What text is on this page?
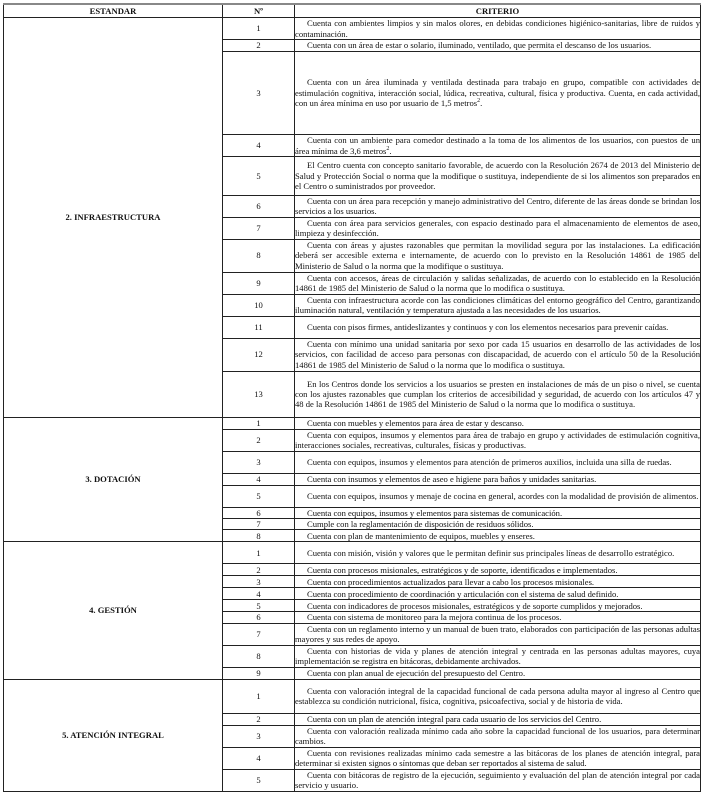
ESTANDAR	Nº	CRITERIO
2. INFRAESTRUCTURA	1	Cuenta con ambientes limpios y sin malos olores, en debidas condiciones higiénico-sanitarias, libre de ruidos y contaminación.
	2	Cuenta con un área de estar o solario, iluminado, ventilado, que permita el descanso de los usuarios.
	3	Cuenta con un área iluminada y ventilada destinada para trabajo en grupo, compatible con actividades de estimulación cognitiva, interacción social, lúdica, recreativa, cultural, física y productiva. Cuenta, en cada actividad, con un área mínima en uso por usuario de 1,5 metros$^2$.
	4	Cuenta con un ambiente para comedor destinado a la toma de los alimentos de los usuarios, con puestos de un área mínima de 3,6 metros$^2$.
	5	El Centro cuenta con concepto sanitario favorable, de acuerdo con la Resolución 2674 de 2013 del Ministerio de Salud y Protección Social o norma que la modifique o sustituya, independiente de si los alimentos son preparados en el Centro o suministrados por proveedor.
	6	Cuenta con un área para recepción y manejo administrativo del Centro, diferente de las áreas donde se brindan los servicios a los usuarios.
	7	Cuenta con área para servicios generales, con espacio destinado para el almacenamiento de elementos de aseo, limpieza y desinfección.
	8	Cuenta con áreas y ajustes razonables que permitan la movilidad segura por las instalaciones. La edificación deberá ser accesible externa e internamente, de acuerdo con lo previsto en la Resolución 14861 de 1985 del Ministerio de Salud o la norma que la modifique o sustituya.
	9	Cuenta con accesos, áreas de circulación y salidas señalizadas, de acuerdo con lo establecido en la Resolución 14861 de 1985 del Ministerio de Salud o la norma que lo modifica o sustituya.
	10	Cuenta con infraestructura acorde con las condiciones climáticas del entorno geográfico del Centro, garantizando iluminación natural, ventilación y temperatura ajustada a las necesidades de los usuarios.
	11	Cuenta con pisos firmes, antideslizantes y continuos y con los elementos necesarios para prevenir caídas.
	12	Cuenta con mínimo una unidad sanitaria por sexo por cada 15 usuarios en desarrollo de las actividades de los servicios, con facilidad de acceso para personas con discapacidad, de acuerdo con el artículo 50 de la Resolución 14861 de 1985 del Ministerio de Salud o la norma que lo modifica o sustituya.
	13	En los Centros donde los servicios a los usuarios se presten en instalaciones de más de un piso o nivel, se cuenta con los ajustes razonables que cumplan los criterios de accesibilidad y seguridad, de acuerdo con los artículos 47 y 48 de la Resolución 14861 de 1985 del Ministerio de Salud o la norma que lo modifica o sustituya.
3. DOTACIÓN	1	Cuenta con muebles y elementos para área de estar y descanso.
	2	Cuenta con equipos, insumos y elementos para área de trabajo en grupo y actividades de estimulación cognitiva, interacciones sociales, recreativas, culturales, físicas y productivas.
	3	Cuenta con equipos, insumos y elementos para atención de primeros auxilios, incluida una silla de ruedas.
	4	Cuenta con insumos y elementos de aseo e higiene para baños y unidades sanitarias.
	5	Cuenta con equipos, insumos y menaje de cocina en general, acordes con la modalidad de provisión de alimentos.
	6	Cuenta con equipos, insumos y elementos para sistemas de comunicación.
	7	Cumple con la reglamentación de disposición de residuos sólidos.
	8	Cuenta con plan de mantenimiento de equipos, muebles y enseres.
4. GESTIÓN	1	Cuenta con misión, visión y valores que le permitan definir sus principales líneas de desarrollo estratégico.
	2	Cuenta con procesos misionales, estratégicos y de soporte, identificados e implementados.
	3	Cuenta con procedimientos actualizados para llevar a cabo los procesos misionales.
	4	Cuenta con procedimiento de coordinación y articulación con el sistema de salud definido.
	5	Cuenta con indicadores de procesos misionales, estratégicos y de soporte cumplidos y mejorados.
	6	Cuenta con sistema de monitoreo para la mejora continua de los procesos.
	7	Cuenta con un reglamento interno y un manual de buen trato, elaborados con participación de las personas adultas mayores y sus redes de apoyo.
	8	Cuenta con historias de vida y planes de atención integral y centrada en las personas adultas mayores, cuya implementación se registra en bitácoras, debidamente archivados.
	9	Cuenta con plan anual de ejecución del presupuesto del Centro.
5. ATENCIÓN INTEGRAL	1	Cuenta con valoración integral de la capacidad funcional de cada persona adulta mayor al ingreso al Centro que establezca su condición nutricional, física, cognitiva, psicoafectiva, social y de historia de vida.
	2	Cuenta con un plan de atención integral para cada usuario de los servicios del Centro.
	3	Cuenta con valoración realizada mínimo cada año sobre la capacidad funcional de los usuarios, para determinar cambios.
	4	Cuenta con revisiones realizadas mínimo cada semestre a las bitácoras de los planes de atención integral, para determinar si existen signos o síntomas que deban ser reportados al sistema de salud.
	5	Cuenta con bitácoras de registro de la ejecución, seguimiento y evaluación del plan de atención integral por cada servicio y usuario.
